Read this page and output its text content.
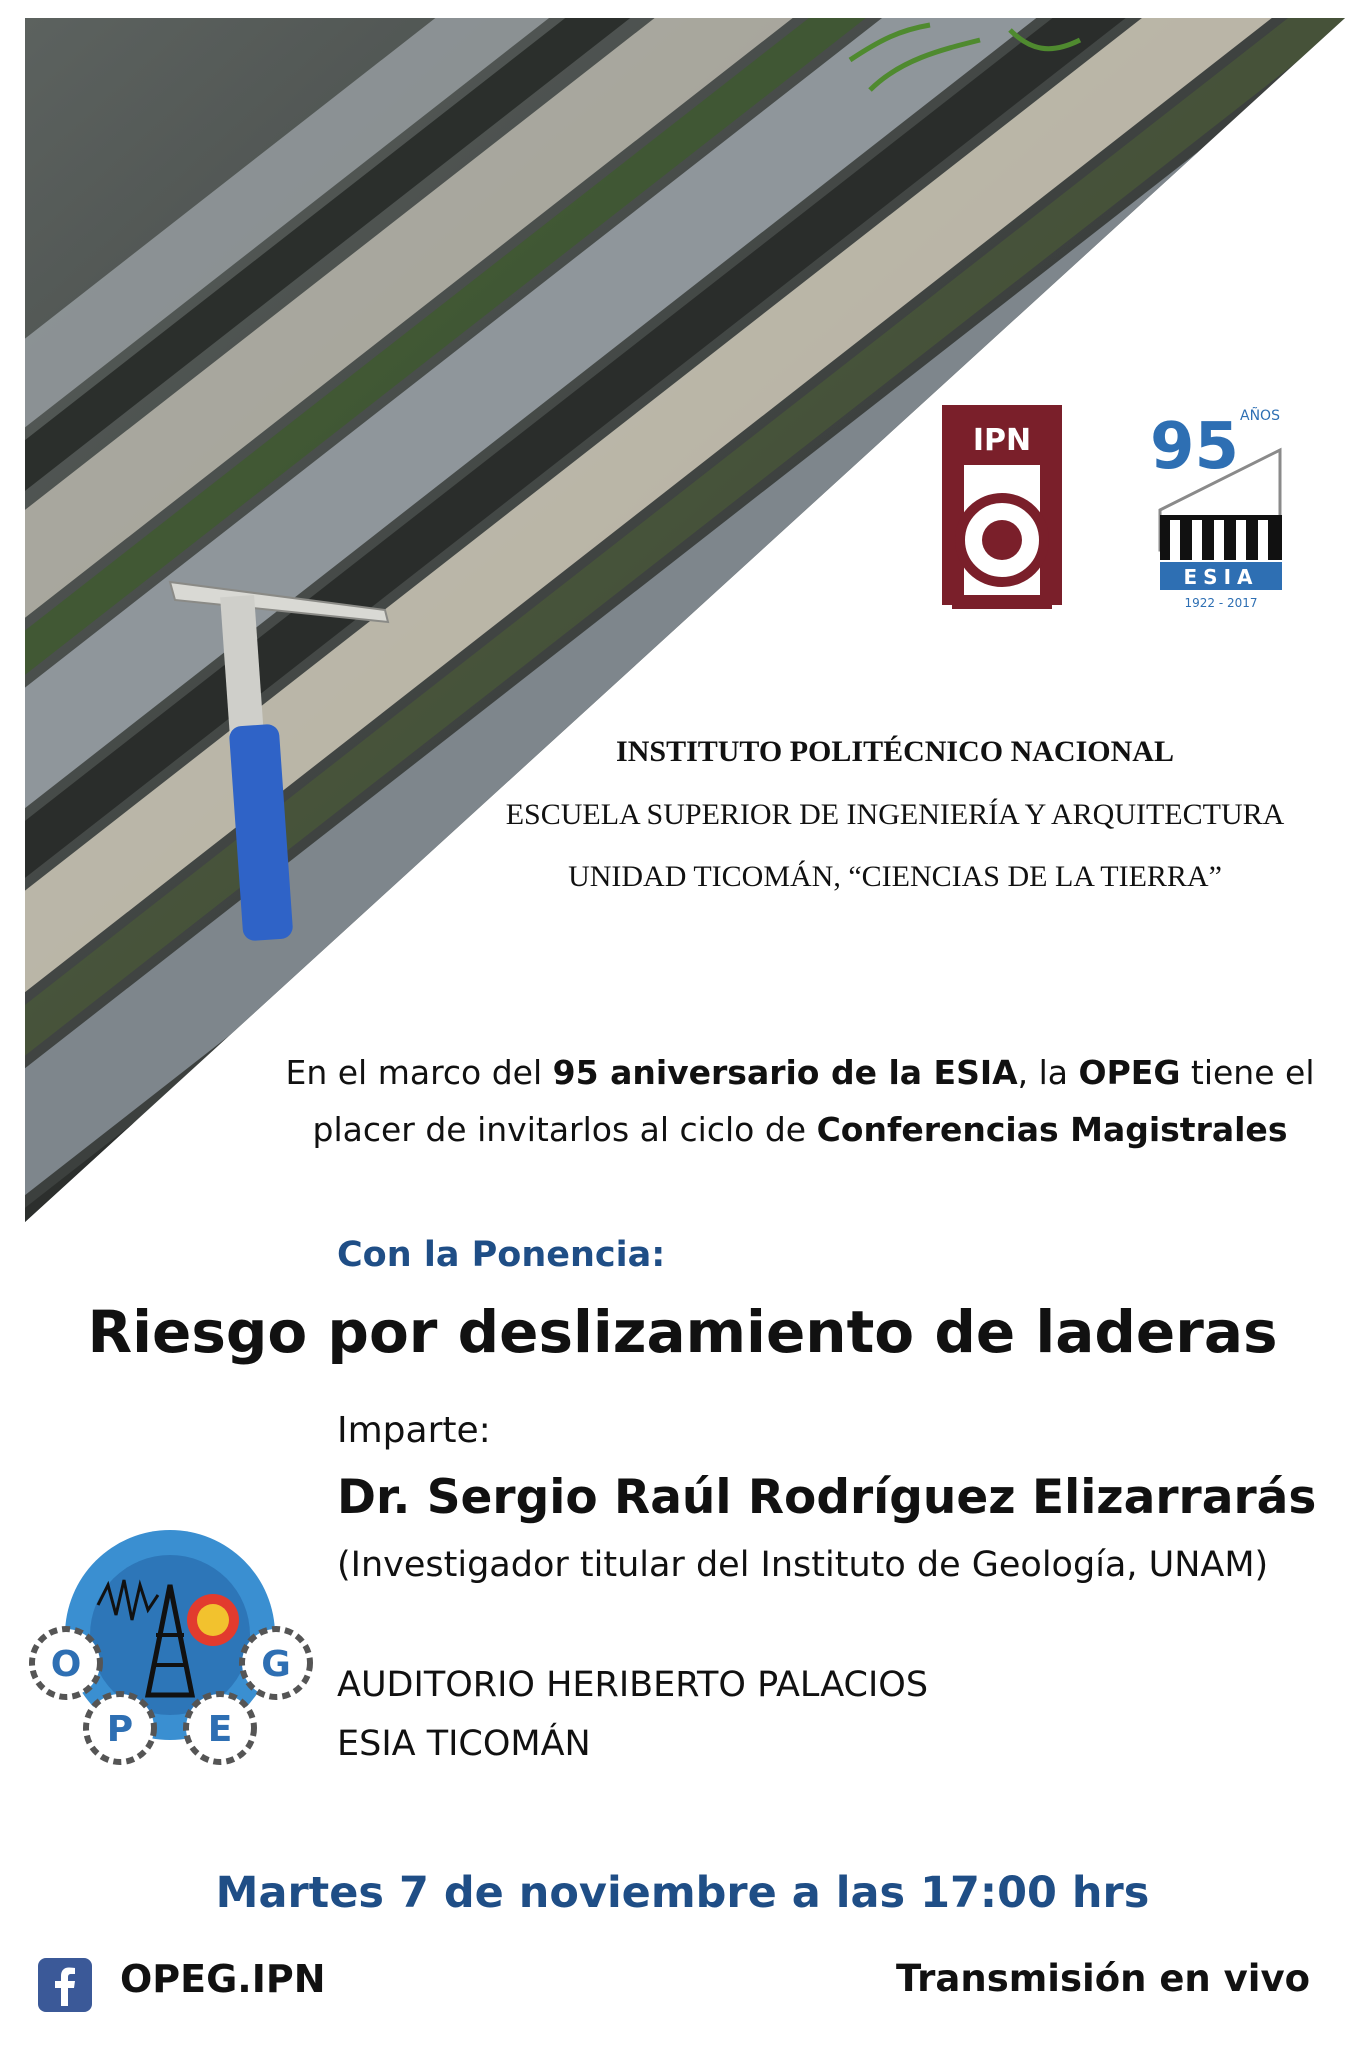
IPN 95 AÑOS
ESIA
1922 - 2017
INSTITUTO POLITÉCNICO NACIONAL
ESCUELA SUPERIOR DE INGENIERÍA Y ARQUITECTURA
UNIDAD TICOMÁN, “CIENCIAS DE LA TIERRA”
En el marco del 95 aniversario de la ESIA, la OPEG tiene el
placer de invitarlos al ciclo de Conferencias Magistrales
Con la Ponencia:
Riesgo por deslizamiento de laderas
Imparte:
Dr. Sergio Raúl Rodríguez Elizarrarás
(Investigador titular del Instituto de Geología, UNAM)
O	G
P E
AUDITORIO HERIBERTO PALACIOS
ESIA TICOMÁN
Martes 7 de noviembre a las 17:00 hrs
OPEG.IPN	Transmisión en vivo
